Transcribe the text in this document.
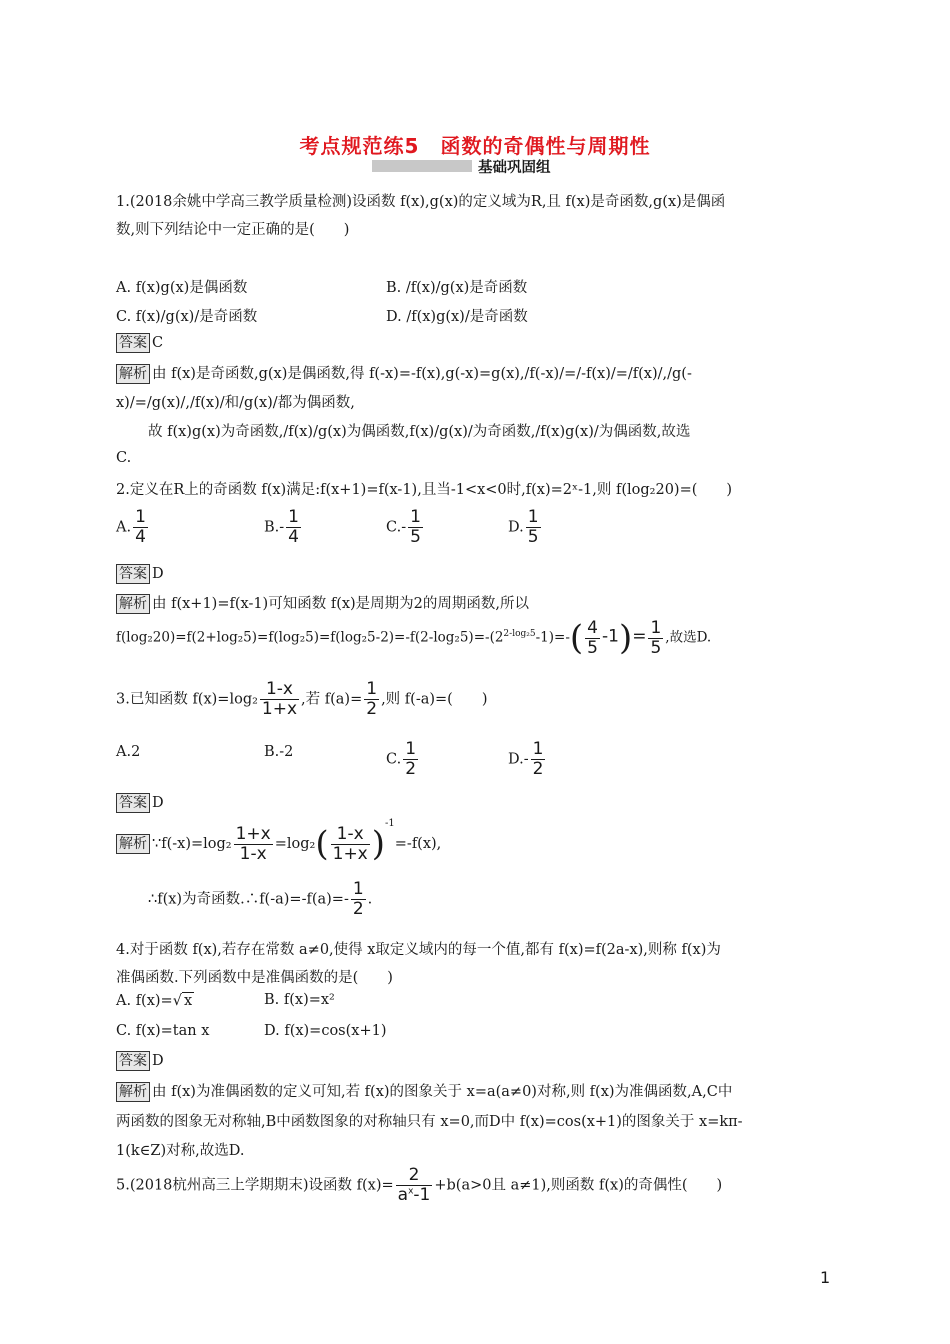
考点规范练5　函数的奇偶性与周期性
基础巩固组
1.(2018余姚中学高三教学质量检测)设函数 f(x),g(x)的定义域为R,且 f(x)是奇函数,g(x)是偶函
数,则下列结论中一定正确的是(　　)
A. f(x)g(x)是偶函数	B. /f(x)/g(x)是奇函数
C. f(x)/g(x)/是奇函数	D. /f(x)g(x)/是奇函数
答案 C
解析 由 f(x)是奇函数,g(x)是偶函数,得 f(-x)=-f(x),g(-x)=g(x),/f(-x)/=/-f(x)/=/f(x)/,/g(-
x)/=/g(x)/,/f(x)/和/g(x)/都为偶函数,
故 f(x)g(x)为奇函数,/f(x)/g(x)为偶函数,f(x)/g(x)/为奇函数,/f(x)g(x)/为偶函数,故选
C.
2.定义在R上的奇函数 f(x)满足:f(x+1)=f(x-1),且当-1<x<0时,f(x)=2ˣ-1,则 f(log₂20)=(　　)
A. $\frac{1}{4}$	$B.- \frac{1}{4}$	$C.- \frac{1}{5}$	D. $\frac{1}{5}$
答案 D
解析 由 f(x+1)=f(x-1)可知函数 f(x)是周期为2的周期函数,所以
$f(\log_220)=f(2+\log_25)=f(\log_25)=f(\log_25-2)=-f(2-\log_25)=-(2^{2-log_25}-1)=-( \frac{4}{5} -1)= \frac{1}{5}$ ,故选D.
3.已知函数 $f(x)=\log_2 \frac{1-x}{1+x}$ ,若 $f(a)= \frac{1}{2}$ ,则 f(-a)=(　　)
A.2	B.-2	C. $\frac{1}{2}$	$D.- \frac{1}{2}$
答案 D
解析 ∵f(-x)=log₂ $\frac{1+x}{1-x} =\log_2( \frac{1-x}{1+x} )^{-1}=-f(x)$,
∴f(x)为奇函数.∴f(-a)=-f(a)=- $\frac{1}{2}$ .
4.对于函数 f(x),若存在常数 a≠0,使得 x取定义域内的每一个值,都有 f(x)=f(2a-x),则称 f(x)为
准偶函数.下列函数中是准偶函数的是(　　)
A. f(x)=√ x	B. f(x)=x²
C. f(x)=tan x	D. f(x)=cos(x+1)
答案 D
解析 由 f(x)为准偶函数的定义可知,若 f(x)的图象关于 x=a(a≠0)对称,则 f(x)为准偶函数,A,C中
两函数的图象无对称轴,B中函数图象的对称轴只有 x=0,而D中 f(x)=cos(x+1)的图象关于 x=kπ-
1(k∈Z)对称,故选D.
5.(2018杭州高三上学期期末)设函数 $f(x)= \frac{2}{a^x-1} +b(a>0$且 a≠1),则函数 f(x)的奇偶性(　　)
1
